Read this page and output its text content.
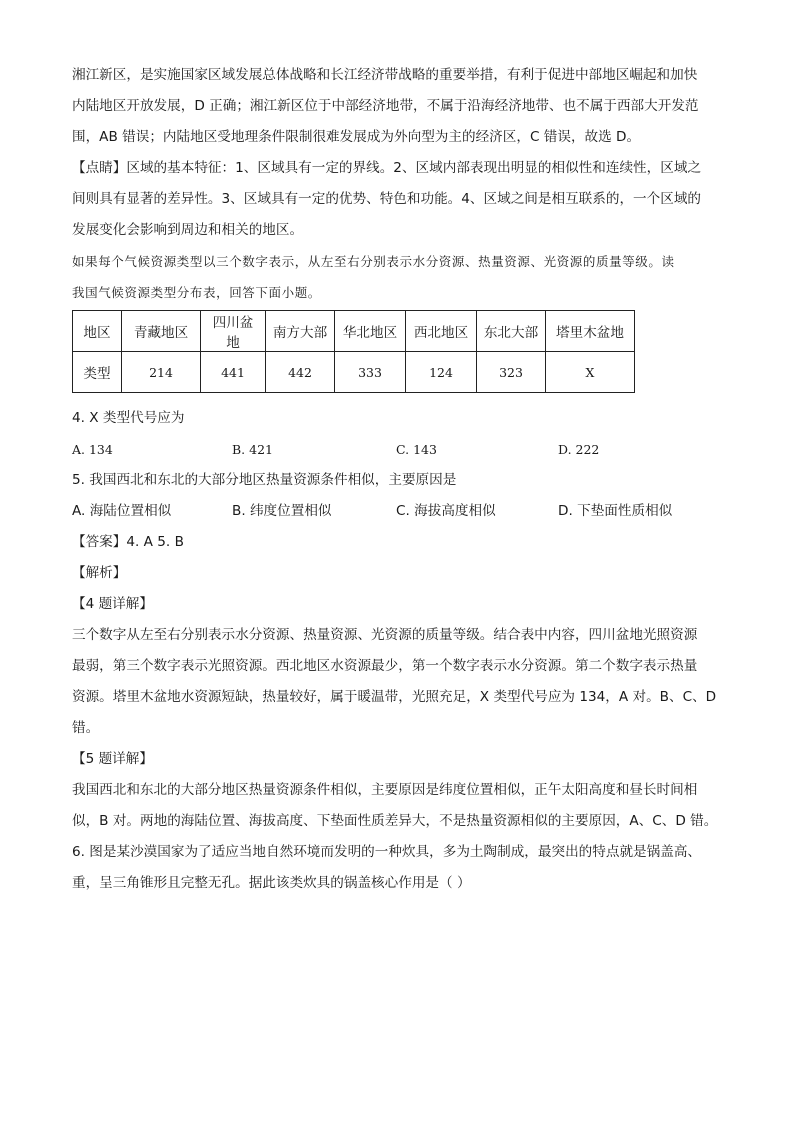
湘江新区，是实施国家区域发展总体战略和长江经济带战略的重要举措，有利于促进中部地区崛起和加快

内陆地区开放发展，D 正确；湘江新区位于中部经济地带，不属于沿海经济地带、也不属于西部大开发范

围，AB 错误；内陆地区受地理条件限制很难发展成为外向型为主的经济区，C 错误，故选 D。

【点睛】区域的基本特征：1、区域具有一定的界线。2、区域内部表现出明显的相似性和连续性，区域之

间则具有显著的差异性。3、区域具有一定的优势、特色和功能。4、区域之间是相互联系的，一个区域的

发展变化会影响到周边和相关的地区。

如果每个气候资源类型以三个数字表示，从左至右分别表示水分资源、热量资源、光资源的质量等级。读

我国气候资源类型分布表，回答下面小题。

地区	青藏地区	四川盆地	南方大部	华北地区	西北地区	东北大部	塔里木盆地
类型	214	441	442	333	124	323	X

4. X 类型代号应为

A. 134	B. 421	C. 143	D. 222

5. 我国西北和东北的大部分地区热量资源条件相似，主要原因是

A. 海陆位置相似	B. 纬度位置相似	C. 海拔高度相似	D. 下垫面性质相似

【答案】4. A 5. B

【解析】

【4 题详解】

三个数字从左至右分别表示水分资源、热量资源、光资源的质量等级。结合表中内容，四川盆地光照资源

最弱，第三个数字表示光照资源。西北地区水资源最少，第一个数字表示水分资源。第二个数字表示热量

资源。塔里木盆地水资源短缺，热量较好，属于暖温带，光照充足，X 类型代号应为 134，A 对。B、C、D

错。

【5 题详解】

我国西北和东北的大部分地区热量资源条件相似，主要原因是纬度位置相似，正午太阳高度和昼长时间相

似，B 对。两地的海陆位置、海拔高度、下垫面性质差异大，不是热量资源相似的主要原因，A、C、D 错。

6. 图是某沙漠国家为了适应当地自然环境而发明的一种炊具，多为土陶制成，最突出的特点就是锅盖高、

重，呈三角锥形且完整无孔。据此该类炊具的锅盖核心作用是（ ）
